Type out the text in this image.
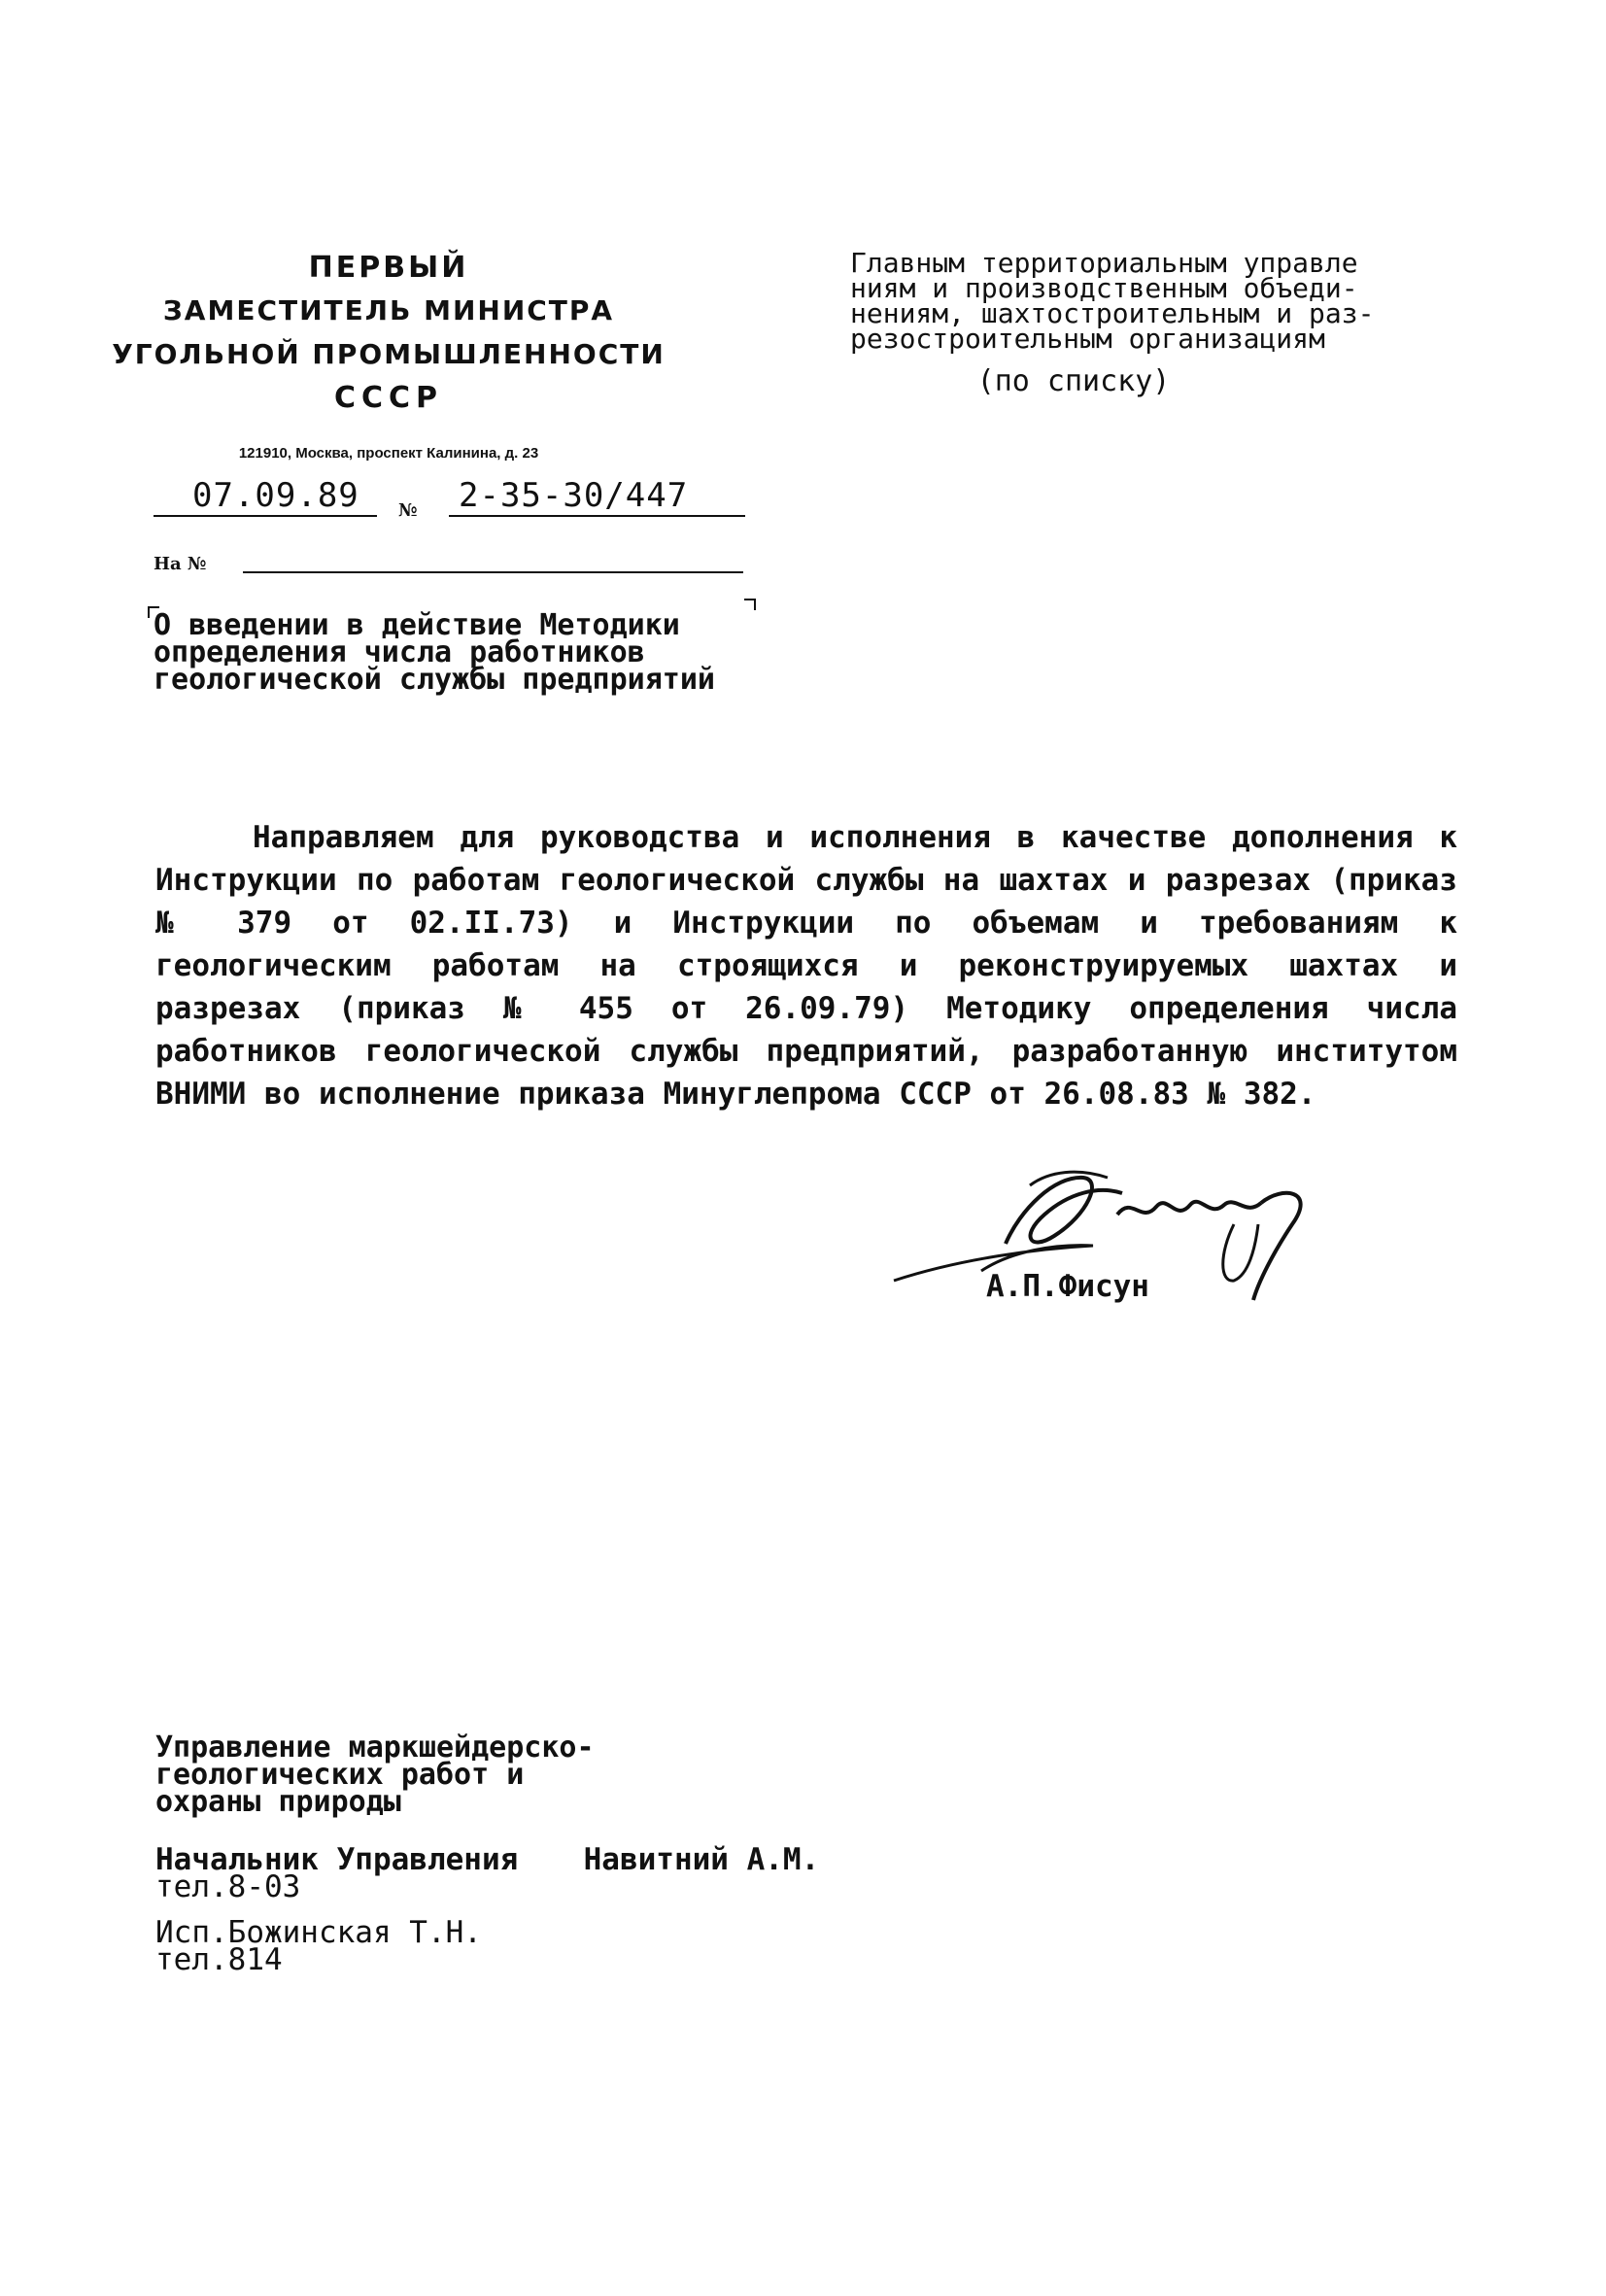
ПЕРВЫЙ
ЗАМЕСТИТЕЛЬ МИНИСТРА
УГОЛЬНОЙ ПРОМЫШЛЕННОСТИ
СССР
121910, Москва, проспект Калинина, д. 23
07.09.89	№ 2-35-30/447
На №
Главным территориальным управле
ниям и производственным объеди-
нениям, шахтостроительным и раз-
резостроительным организациям
(по списку)
О введении в действие Методики
определения числа работников
геологической службы предприятий
Направляем для руководства и исполнения в качестве дополнения к Инструкции по работам геологической службы на шахтах и разрезах (приказ № 379 от 02.II.73) и Инструкции по объемам и требованиям к геологическим работам на строящихся и реконструируемых шахтах и разрезах (приказ № 455 от 26.09.79) Методику определения числа работников геологической службы предприятий, разработанную институтом ВНИМИ во исполнение приказа Минуглепрома СССР от 26.08.83 № 382.
А.П.Фисун
Управление маркшейдерско-
геологических работ и
охраны природы
Начальник Управления Навитний А.М.
тел.8-03
Исп.Божинская Т.Н.
тел.814
